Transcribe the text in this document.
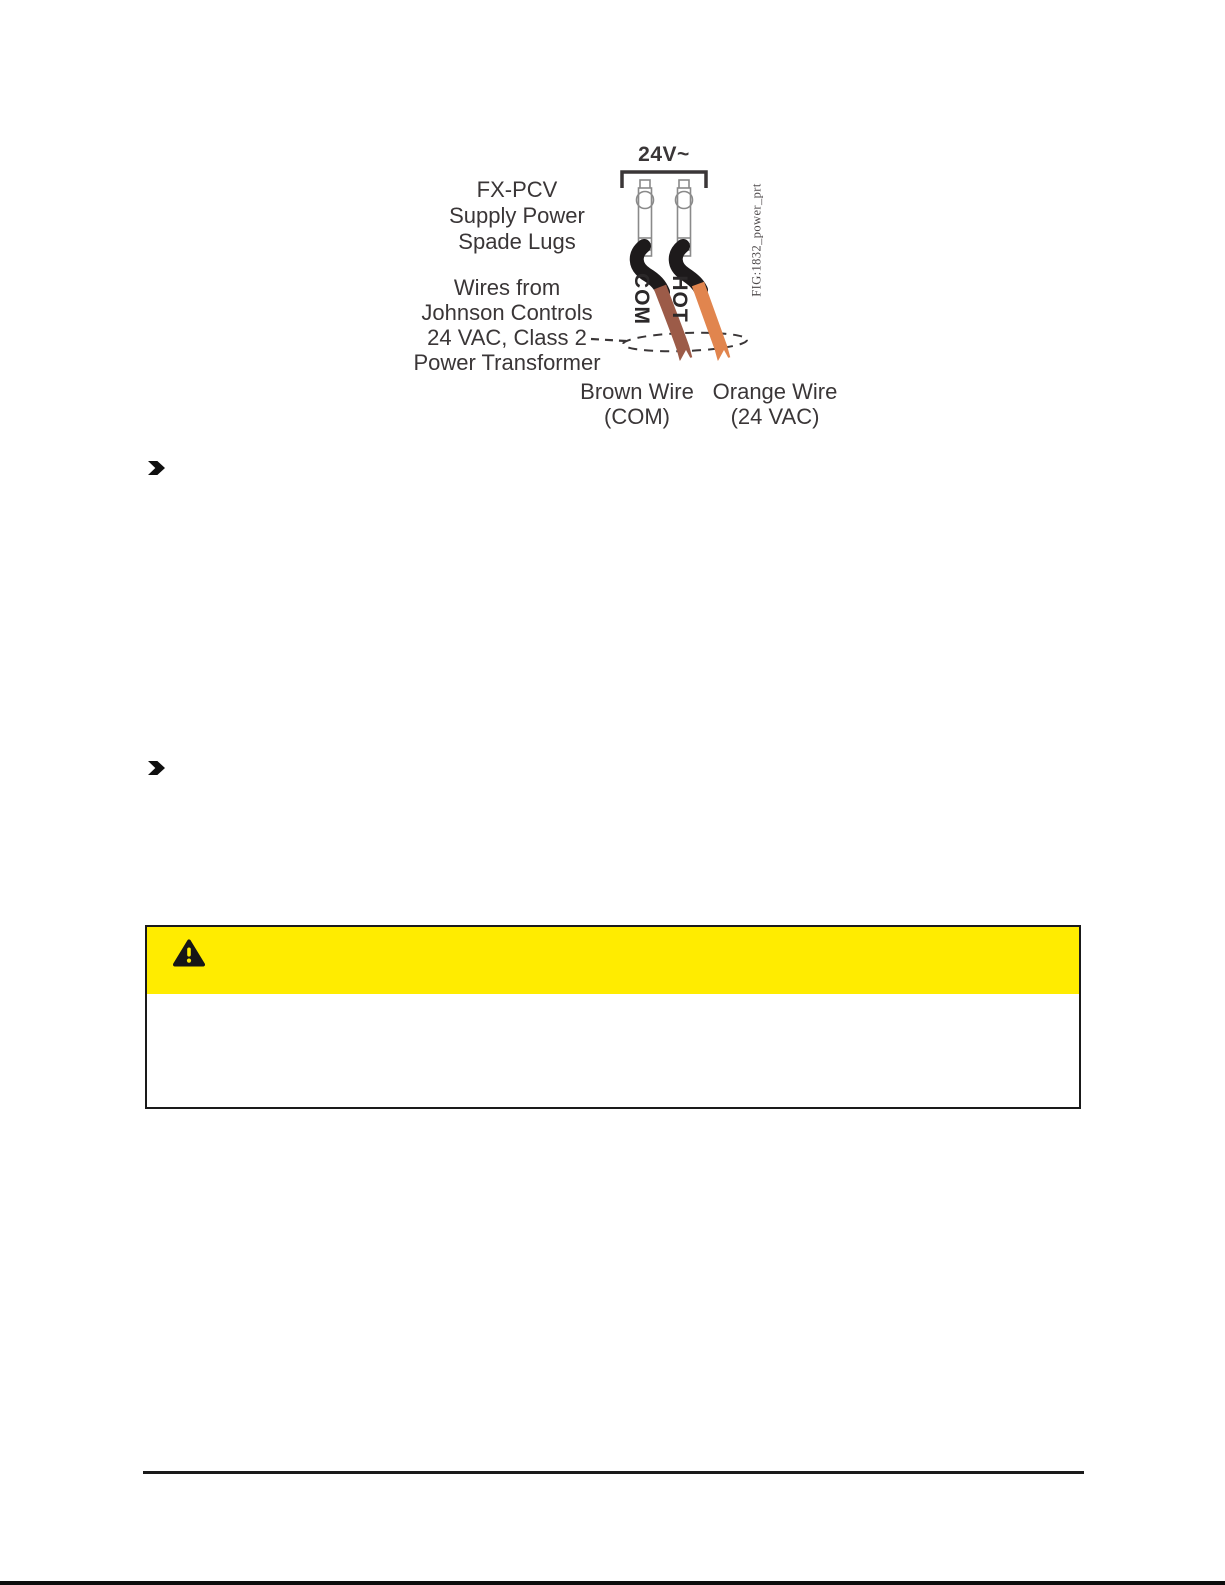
24V~
FX-PCV
Supply Power
Spade Lugs
Wires from
Johnson Controls
24 VAC, Class 2
Power Transformer
COM HOT
Brown Wire
(COM)
Orange Wire
(24 VAC)
FIG:1832_power_prt
